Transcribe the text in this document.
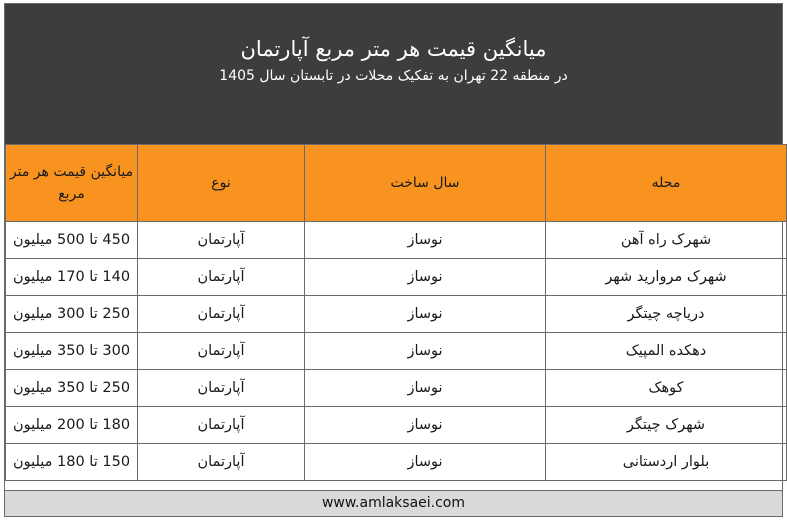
میانگین قیمت هر متر مربع آپارتمان
در منطقه 22 تهران به تفکیک محلات در تابستان سال 1405
محله	سال ساخت	نوع	میانگین قیمت هر متر مربع
شهرک راه آهن	نوساز	آپارتمان	450 تا 500 میلیون
شهرک مروارید شهر	نوساز	آپارتمان	140 تا 170 میلیون
دریاچه چیتگر	نوساز	آپارتمان	250 تا 300 میلیون
دهکده المپیک	نوساز	آپارتمان	300 تا 350 میلیون
کوهک	نوساز	آپارتمان	250 تا 350 میلیون
شهرک چیتگر	نوساز	آپارتمان	180 تا 200 میلیون
بلوار اردستانی	نوساز	آپارتمان	150 تا 180 میلیون
www.amlaksaei.com
